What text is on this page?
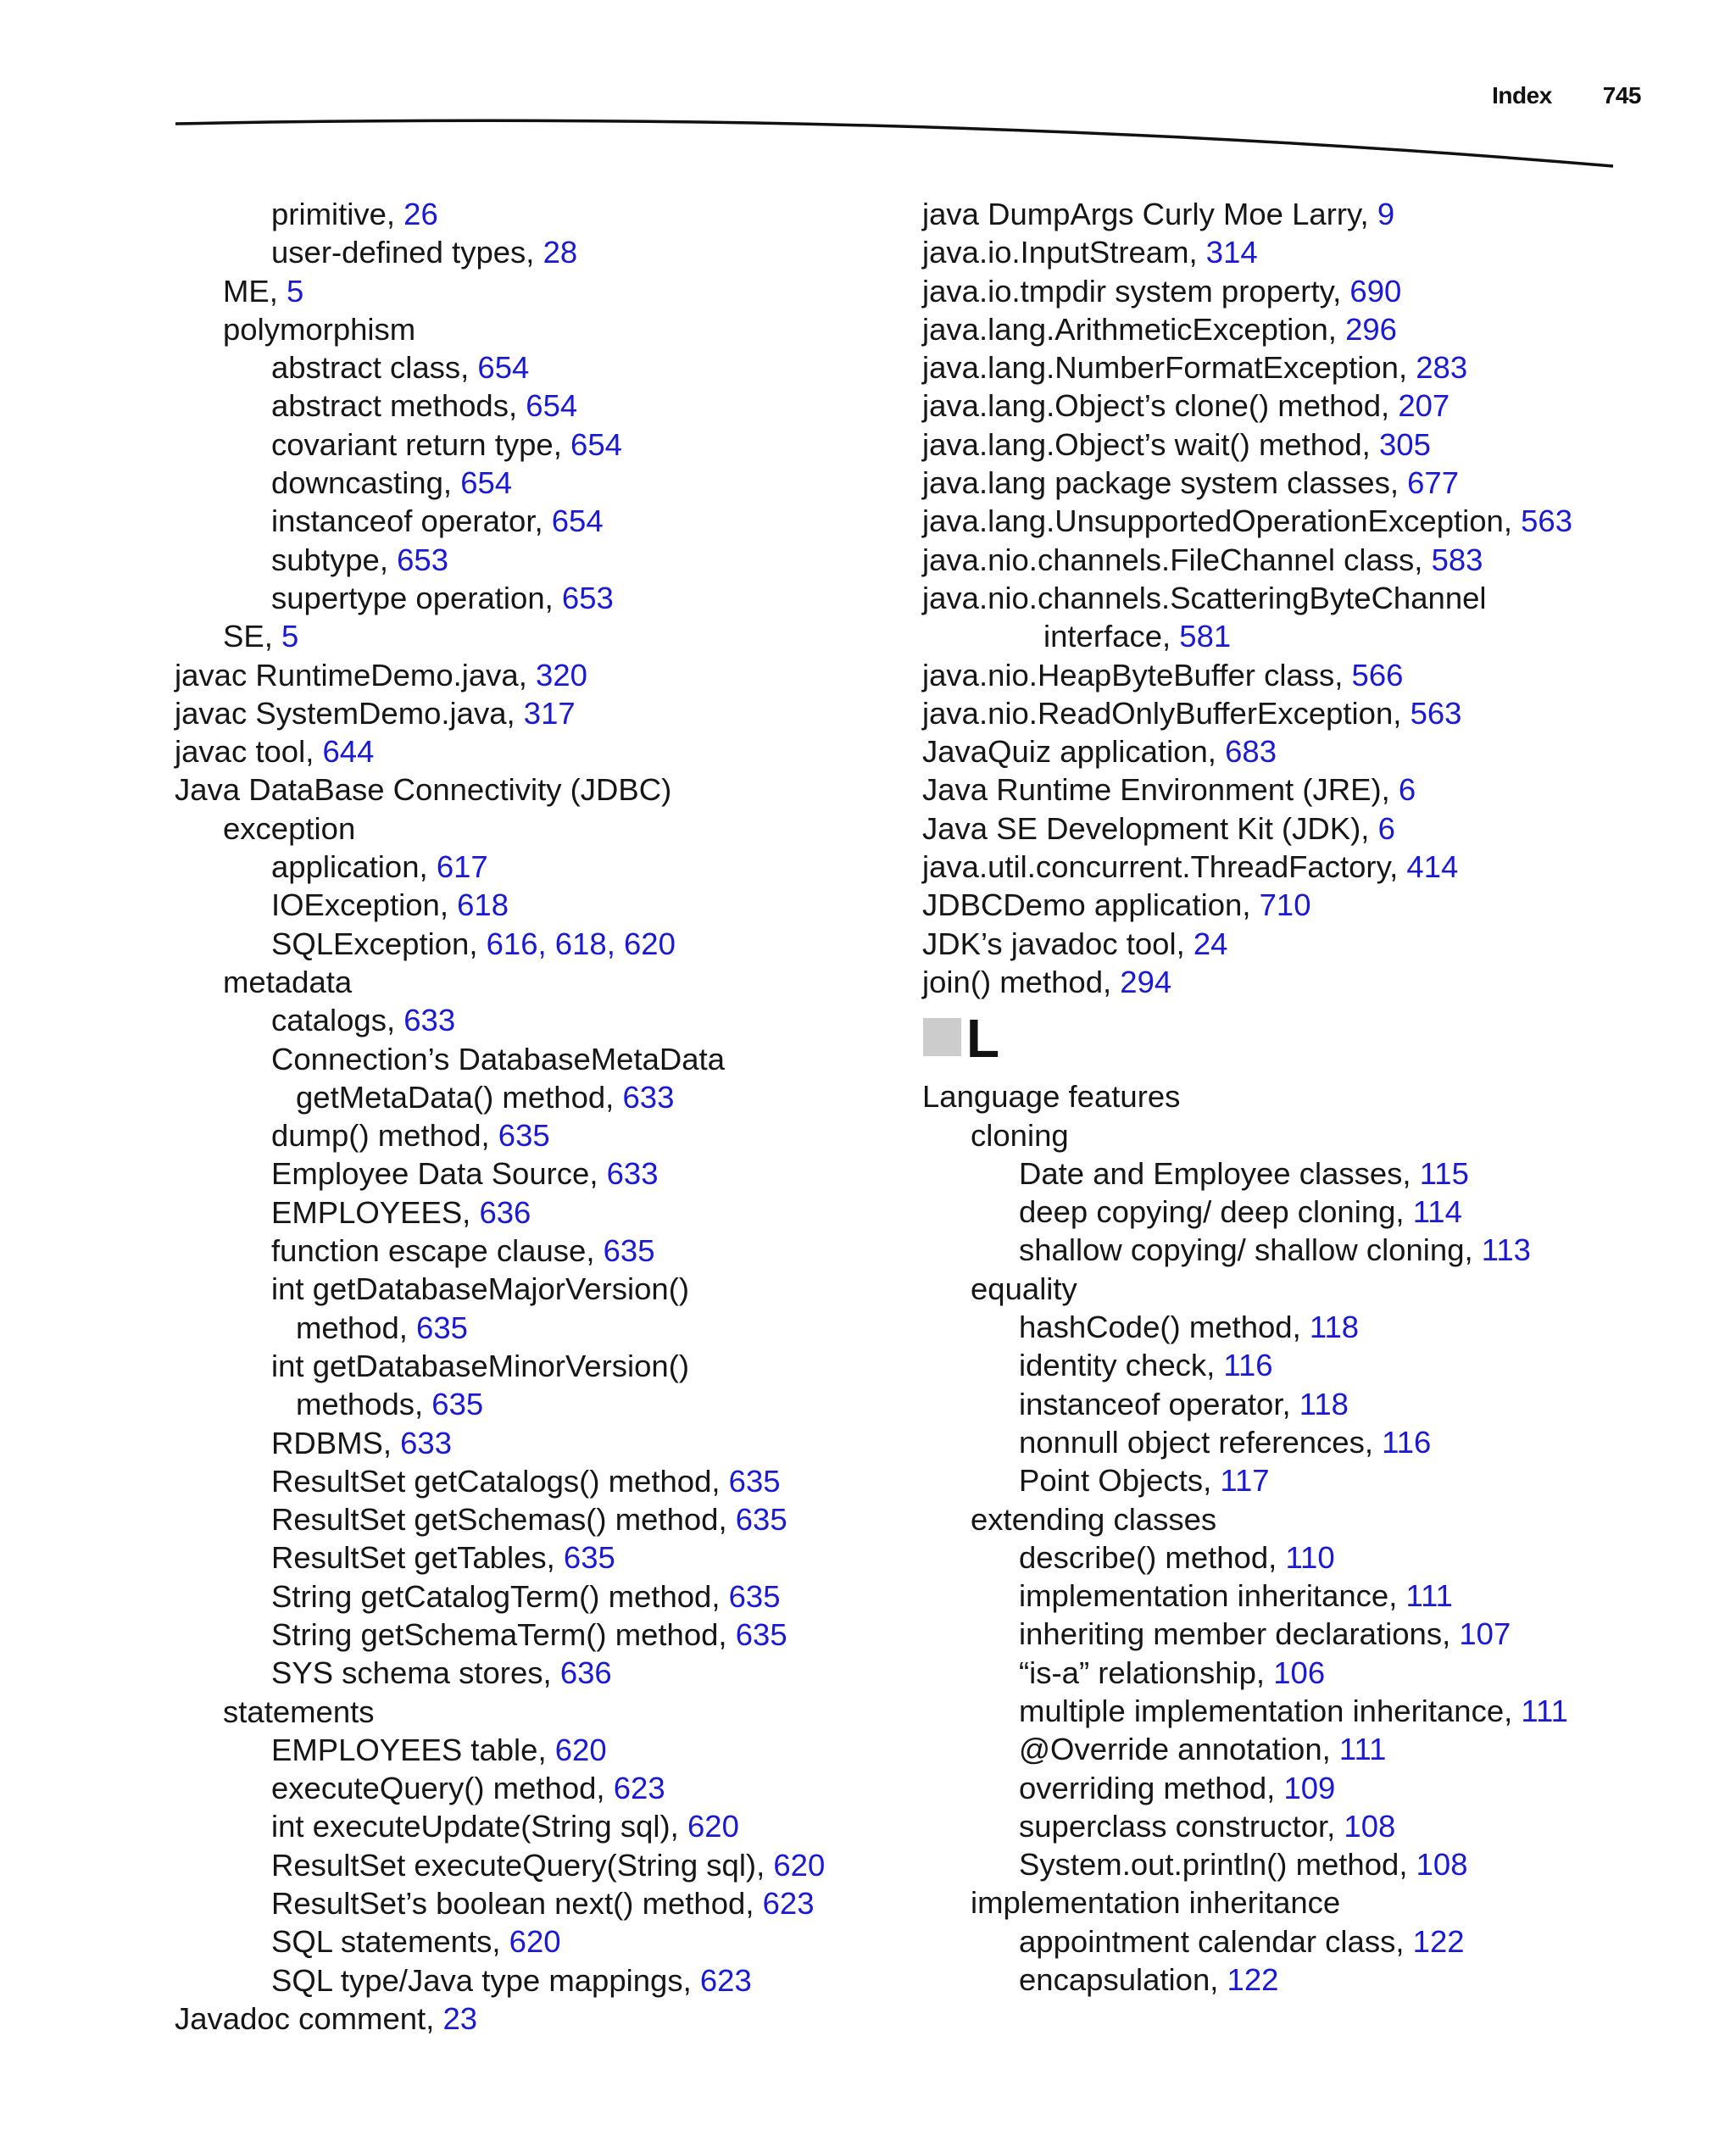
Index 745
primitive, 26
user-defined types, 28
ME, 5
polymorphism
abstract class, 654
abstract methods, 654
covariant return type, 654
downcasting, 654
instanceof operator, 654
subtype, 653
supertype operation, 653
SE, 5
javac RuntimeDemo.java, 320
javac SystemDemo.java, 317
javac tool, 644
Java DataBase Connectivity (JDBC)
exception
application, 617
IOException, 618
SQLException, 616, 618, 620
metadata
catalogs, 633
Connection’s DatabaseMetaData
getMetaData() method, 633
dump() method, 635
Employee Data Source, 633
EMPLOYEES, 636
function escape clause, 635
int getDatabaseMajorVersion()
method, 635
int getDatabaseMinorVersion()
methods, 635
RDBMS, 633
ResultSet getCatalogs() method, 635
ResultSet getSchemas() method, 635
ResultSet getTables, 635
String getCatalogTerm() method, 635
String getSchemaTerm() method, 635
SYS schema stores, 636
statements
EMPLOYEES table, 620
executeQuery() method, 623
int executeUpdate(String sql), 620
ResultSet executeQuery(String sql), 620
ResultSet’s boolean next() method, 623
SQL statements, 620
SQL type/Java type mappings, 623
Javadoc comment, 23
java DumpArgs Curly Moe Larry, 9
java.io.InputStream, 314
java.io.tmpdir system property, 690
java.lang.ArithmeticException, 296
java.lang.NumberFormatException, 283
java.lang.Object’s clone() method, 207
java.lang.Object’s wait() method, 305
java.lang package system classes, 677
java.lang.UnsupportedOperationException, 563
java.nio.channels.FileChannel class, 583
java.nio.channels.ScatteringByteChannel
interface, 581
java.nio.HeapByteBuffer class, 566
java.nio.ReadOnlyBufferException, 563
JavaQuiz application, 683
Java Runtime Environment (JRE), 6
Java SE Development Kit (JDK), 6
java.util.concurrent.ThreadFactory, 414
JDBCDemo application, 710
JDK’s javadoc tool, 24
join() method, 294
L
Language features
cloning
Date and Employee classes, 115
deep copying/ deep cloning, 114
shallow copying/ shallow cloning, 113
equality
hashCode() method, 118
identity check, 116
instanceof operator, 118
nonnull object references, 116
Point Objects, 117
extending classes
describe() method, 110
implementation inheritance, 111
inheriting member declarations, 107
“is-a” relationship, 106
multiple implementation inheritance, 111
@Override annotation, 111
overriding method, 109
superclass constructor, 108
System.out.println() method, 108
implementation inheritance
appointment calendar class, 122
encapsulation, 122
